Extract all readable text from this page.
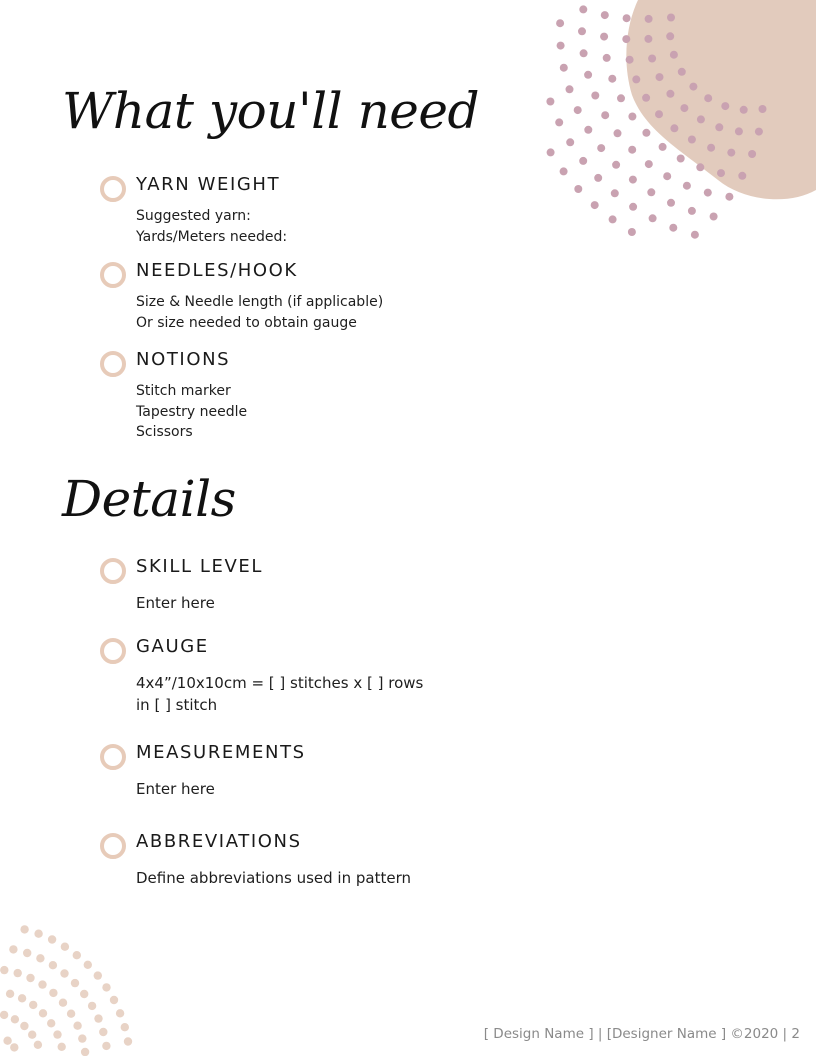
What you'll need
YARN WEIGHT
Suggested yarn:
Yards/Meters needed:
NEEDLES/HOOK
Size & Needle length (if applicable)
Or size needed to obtain gauge
NOTIONS
Stitch marker
Tapestry needle
Scissors
Details
SKILL LEVEL
Enter here
GAUGE
4x4”/10x10cm = [ ] stitches x [ ] rows
in [ ] stitch
MEASUREMENTS
Enter here
ABBREVIATIONS
Define abbreviations used in pattern
[ Design Name ] | [Designer Name ] ©2020 | 2
